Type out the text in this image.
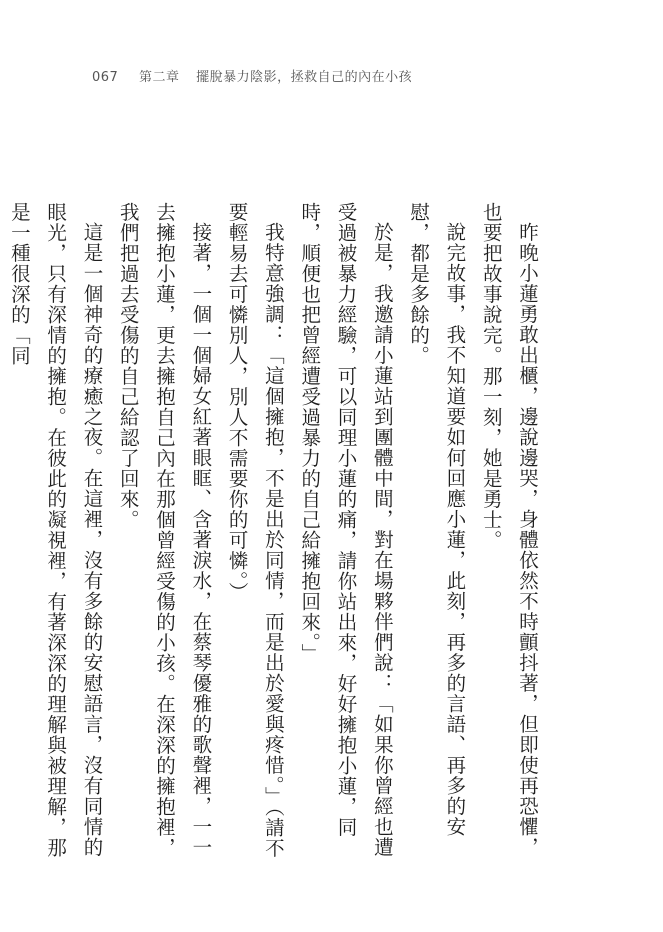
067 第二章 擺脫暴力陰影，拯救自己的內在小孩

昨晚小蓮勇敢出櫃，邊說邊哭，身體依然不時顫抖著，但即使再恐懼，也要把故事說完。那一刻，她是勇士。

說完故事，我不知道要如何回應小蓮，此刻，再多的言語、再多的安慰，都是多餘的。

於是，我邀請小蓮站到團體中間，對在場夥伴們說：「如果你曾經也遭受過被暴力經驗，可以同理小蓮的痛，請你站出來，好好擁抱小蓮，同時，順便也把曾經遭受過暴力的自己給擁抱回來。」

我特意強調：「這個擁抱，不是出於同情，而是出於愛與疼惜。」（請不要輕易去可憐別人，別人不需要你的可憐。）

接著，一個一個婦女紅著眼眶、含著淚水，在蔡琴優雅的歌聲裡，一一去擁抱小蓮，更去擁抱自己內在那個曾經受傷的小孩。在深深的擁抱裡，我們把過去受傷的自己給認了回來。

這是一個神奇的療癒之夜。在這裡，沒有多餘的安慰語言，沒有同情的眼光，只有深情的擁抱。在彼此的凝視裡，有著深深的理解與被理解，那是一種很深的「同
